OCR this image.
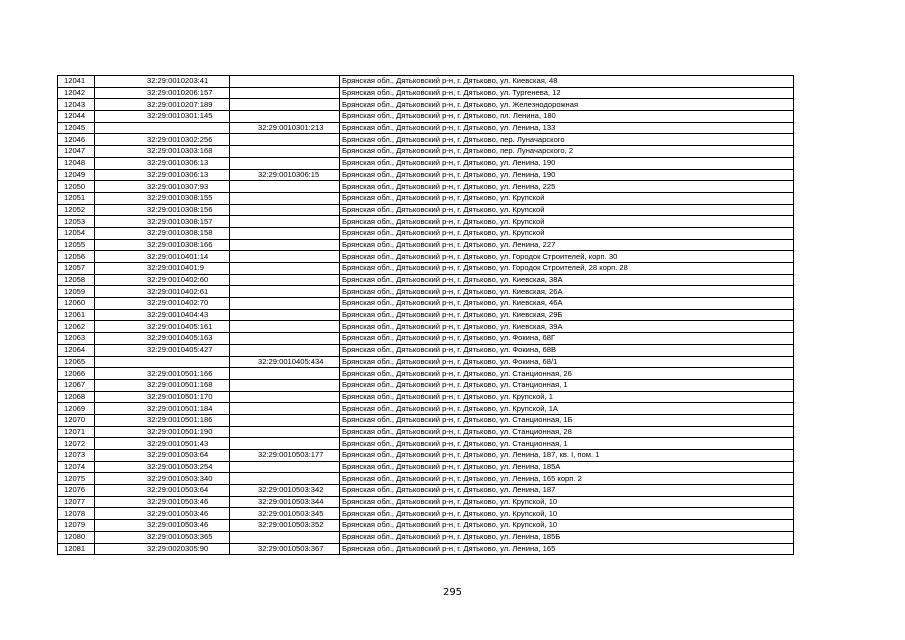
12041	32:29:0010203:41		Брянская обл., Дятьковский р-н, г. Дятьково, ул. Киевская, 48
12042	32:29:0010206:157		Брянская обл., Дятьковский р-н, г. Дятьково, ул. Тургенева, 12
12043	32:29:0010207:189		Брянская обл., Дятьковский р-н, г. Дятьково, ул. Железнодорожная
12044	32:29:0010301:145		Брянская обл., Дятьковский р-н, г. Дятьково, пл. Ленина, 180
12045		32:29:0010301:213	Брянская обл., Дятьковский р-н, г. Дятьково, ул. Ленина, 133
12046	32:29:0010302:256		Брянская обл., Дятьковский р-н, г. Дятьково, пер. Луначарского
12047	32:29:0010303:168		Брянская обл., Дятьковский р-н, г. Дятьково, пер. Луначарского, 2
12048	32:29:0010306:13		Брянская обл., Дятьковский р-н, г. Дятьково, ул. Ленина, 190
12049	32:29:0010306:13	32:29:0010306:15	Брянская обл., Дятьковский р-н, г. Дятьково, ул. Ленина, 190
12050	32:29:0010307:93		Брянская обл., Дятьковский р-н, г. Дятьково, ул. Ленина, 225
12051	32:29:0010308:155		Брянская обл., Дятьковский р-н, г. Дятьково, ул. Крупской
12052	32:29:0010308:156		Брянская обл., Дятьковский р-н, г. Дятьково, ул. Крупской
12053	32:29:0010308:157		Брянская обл., Дятьковский р-н, г. Дятьково, ул. Крупской
12054	32:29:0010308:158		Брянская обл., Дятьковский р-н, г. Дятьково, ул. Крупской
12055	32:29:0010308:166		Брянская обл., Дятьковский р-н, г. Дятьково, ул. Ленина, 227
12056	32:29:0010401:14		Брянская обл., Дятьковский р-н, г. Дятьково, ул. Городок Строителей, корп. 30
12057	32:29:0010401:9		Брянская обл., Дятьковский р-н, г. Дятьково, ул. Городок Строителей, 28 корп. 28
12058	32:29:0010402:60		Брянская обл., Дятьковский р-н, г. Дятьково, ул. Киевская, 38А
12059	32:29:0010402:61		Брянская обл., Дятьковский р-н, г. Дятьково, ул. Киевская, 26А
12060	32:29:0010402:70		Брянская обл., Дятьковский р-н, г. Дятьково, ул. Киевская, 46А
12061	32:29:0010404:43		Брянская обл., Дятьковский р-н, г. Дятьково, ул. Киевская, 29Б
12062	32:29:0010405:161		Брянская обл., Дятьковский р-н, г. Дятьково, ул. Киевская, 39А
12063	32:29:0010405:163		Брянская обл., Дятьковский р-н, г. Дятьково, ул. Фокина, 68Г
12064	32:29:0010405:427		Брянская обл., Дятьковский р-н, г. Дятьково, ул. Фокина, 68В
12065		32:29:0010405:434	Брянская обл., Дятьковский р-н, г. Дятьково, ул. Фокина, 68/1
12066	32:29:0010501:166		Брянская обл., Дятьковский р-н, г. Дятьково, ул. Станционная, 26
12067	32:29:0010501:168		Брянская обл., Дятьковский р-н, г. Дятьково, ул. Станционная, 1
12068	32:29:0010501:170		Брянская обл., Дятьковский р-н, г. Дятьково, ул. Крупской, 1
12069	32:29:0010501:184		Брянская обл., Дятьковский р-н, г. Дятьково, ул. Крупской, 1А
12070	32:29:0010501:186		Брянская обл., Дятьковский р-н, г. Дятьково, ул. Станционная, 1Б
12071	32:29:0010501:190		Брянская обл., Дятьковский р-н, г. Дятьково, ул. Станционная, 28
12072	32:29:0010501:43		Брянская обл., Дятьковский р-н, г. Дятьково, ул. Станционная, 1
12073	32:29:0010503:64	32:29:0010503:177	Брянская обл., Дятьковский р-н, г. Дятьково, ул. Ленина, 187, кв. I, пом. 1
12074	32:29:0010503:254		Брянская обл., Дятьковский р-н, г. Дятьково, ул. Ленина, 185А
12075	32:29:0010503:340		Брянская обл., Дятьковский р-н, г. Дятьково, ул. Ленина, 165 корп. 2
12076	32:29:0010503:64	32:29:0010503:342	Брянская обл., Дятьковский р-н, г. Дятьково, ул. Ленина, 187
12077	32:29:0010503:46	32:29:0010503:344	Брянская обл., Дятьковский р-н, г. Дятьково, ул. Крупской, 10
12078	32:29:0010503:46	32:29:0010503:345	Брянская обл., Дятьковский р-н, г. Дятьково, ул. Крупской, 10
12079	32:29:0010503:46	32:29:0010503:352	Брянская обл., Дятьковский р-н, г. Дятьково, ул. Крупской, 10
12080	32:29:0010503:365		Брянская обл., Дятьковский р-н, г. Дятьково, ул. Ленина, 185Б
12081	32:29:0020305:90	32:29:0010503:367	Брянская обл., Дятьковский р-н, г. Дятьково, ул. Ленина, 165
295
